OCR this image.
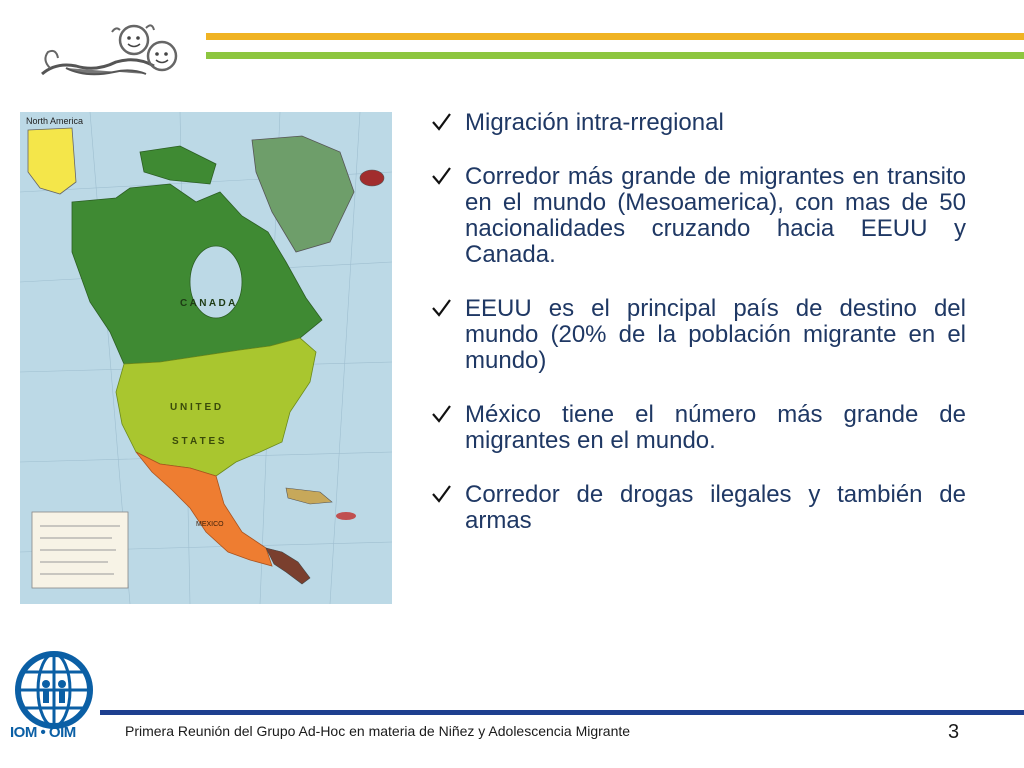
North America
C A N A D A
U N I T E D
S T A T E S
MEXICO
Migración intra-rregional
Corredor más grande de migrantes en transito en el mundo (Mesoamerica), con mas de 50 nacionalidades cruzando hacia EEUU y Canada.
EEUU es el principal país de destino del mundo (20% de la población migrante en el mundo)
México tiene el número más grande de migrantes en el mundo.
Corredor de drogas ilegales y también de armas
IOM • OIM	Primera Reunión del Grupo Ad-Hoc en materia de Niñez y Adolescencia Migrante	3
